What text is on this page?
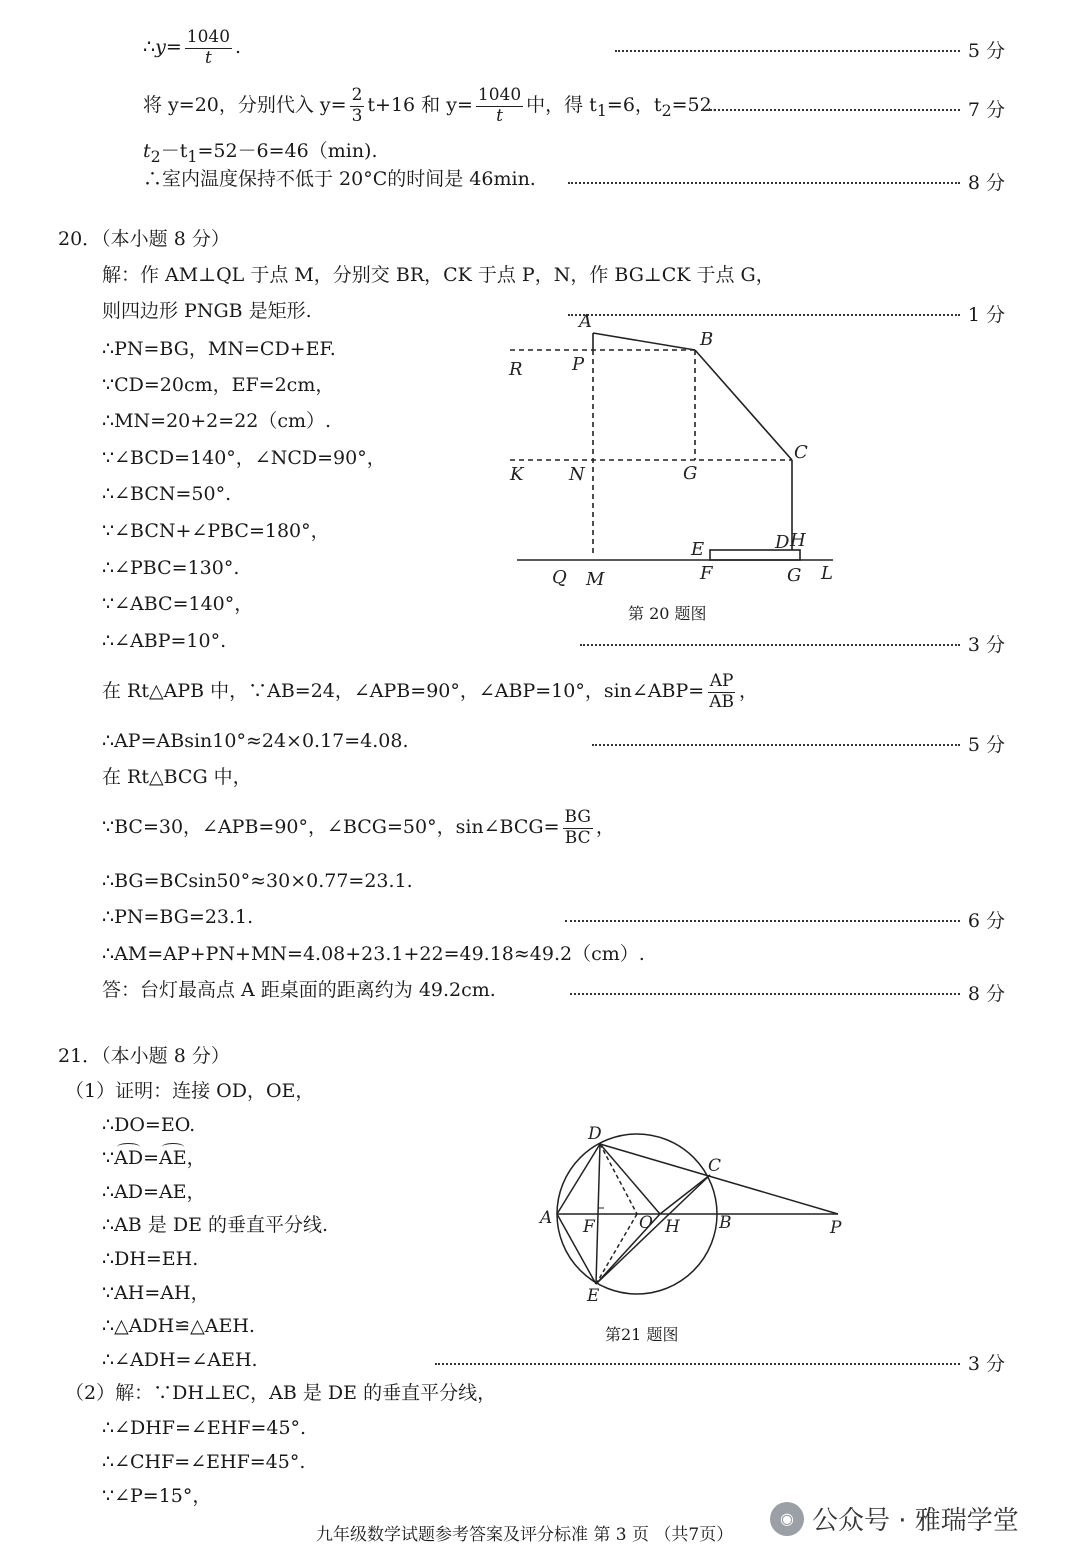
∴y= $\frac{1040}{t}$ .	5 分
将 y=20，分别代入 $y= \frac{2}{3} t+16$ 和 $y= \frac{1040}{t}$ 中，得 $t_1=6$，$t_2=52$.	7 分
$t_2-t_1=52-6=46(\min)$.
∴室内温度保持不低于 20°C的时间是 46min.	8 分
20．（本小题 8 分）
解：作 AM⊥QL 于点 M，分别交 BR，CK 于点 P，N，作 BG⊥CK 于点 G，
则四边形 PNGB 是矩形.	1 分
∴PN=BG，MN=CD+EF.
∵CD=20cm，EF=2cm，
∴MN=20+2=22（cm）.
∵∠BCD=140°，∠NCD=90°，
∴∠BCN=50°.
∵∠BCN+∠PBC=180°，
∴∠PBC=130°.
∵∠ABC=140°，
∴∠ABP=10°.	3 分
A
B
C
D H
E
F	G L
Q M
R	P
K	N	G
第 20 题图
在 Rt△APB 中，∵AB=24，∠APB=90°，∠ABP=10°，sin∠ABP= $\frac{AP}{AB}$ ，
∴AP=ABsin10°≈24×0.17=4.08.	5 分
在 Rt△BCG 中，
∵BC=30，∠APB=90°，∠BCG=50°，sin∠BCG= $\frac{BG}{BC}$ ，
∴BG=BCsin50°≈30×0.77=23.1.
∴PN=BG=23.1.	6 分
∴AM=AP+PN+MN=4.08+23.1+22=49.18≈49.2（cm）.
答：台灯最高点 A 距桌面的距离约为 49.2cm.	8 分
21．（本小题 8 分）
（1）证明：连接 OD，OE，
∴DO=EO.
∵
AD=
AE，
∴AD=AE，
∴AB 是 DE 的垂直平分线.
∴DH=EH.
∵AH=AH，
∴△ADH≌△AEH.
∴∠ADH=∠AEH.	3 分
（2）解：∵DH⊥EC，AB 是 DE 的垂直平分线，
∴∠DHF=∠EHF=45°.
∴∠CHF=∠EHF=45°.
∵∠P=15°，
D
C
A F	O H B	P
E
第21 题图
九年级数学试题参考答案及评分标准 第 3 页 （共7页）
◉ 公众号 · 雅瑞学堂
